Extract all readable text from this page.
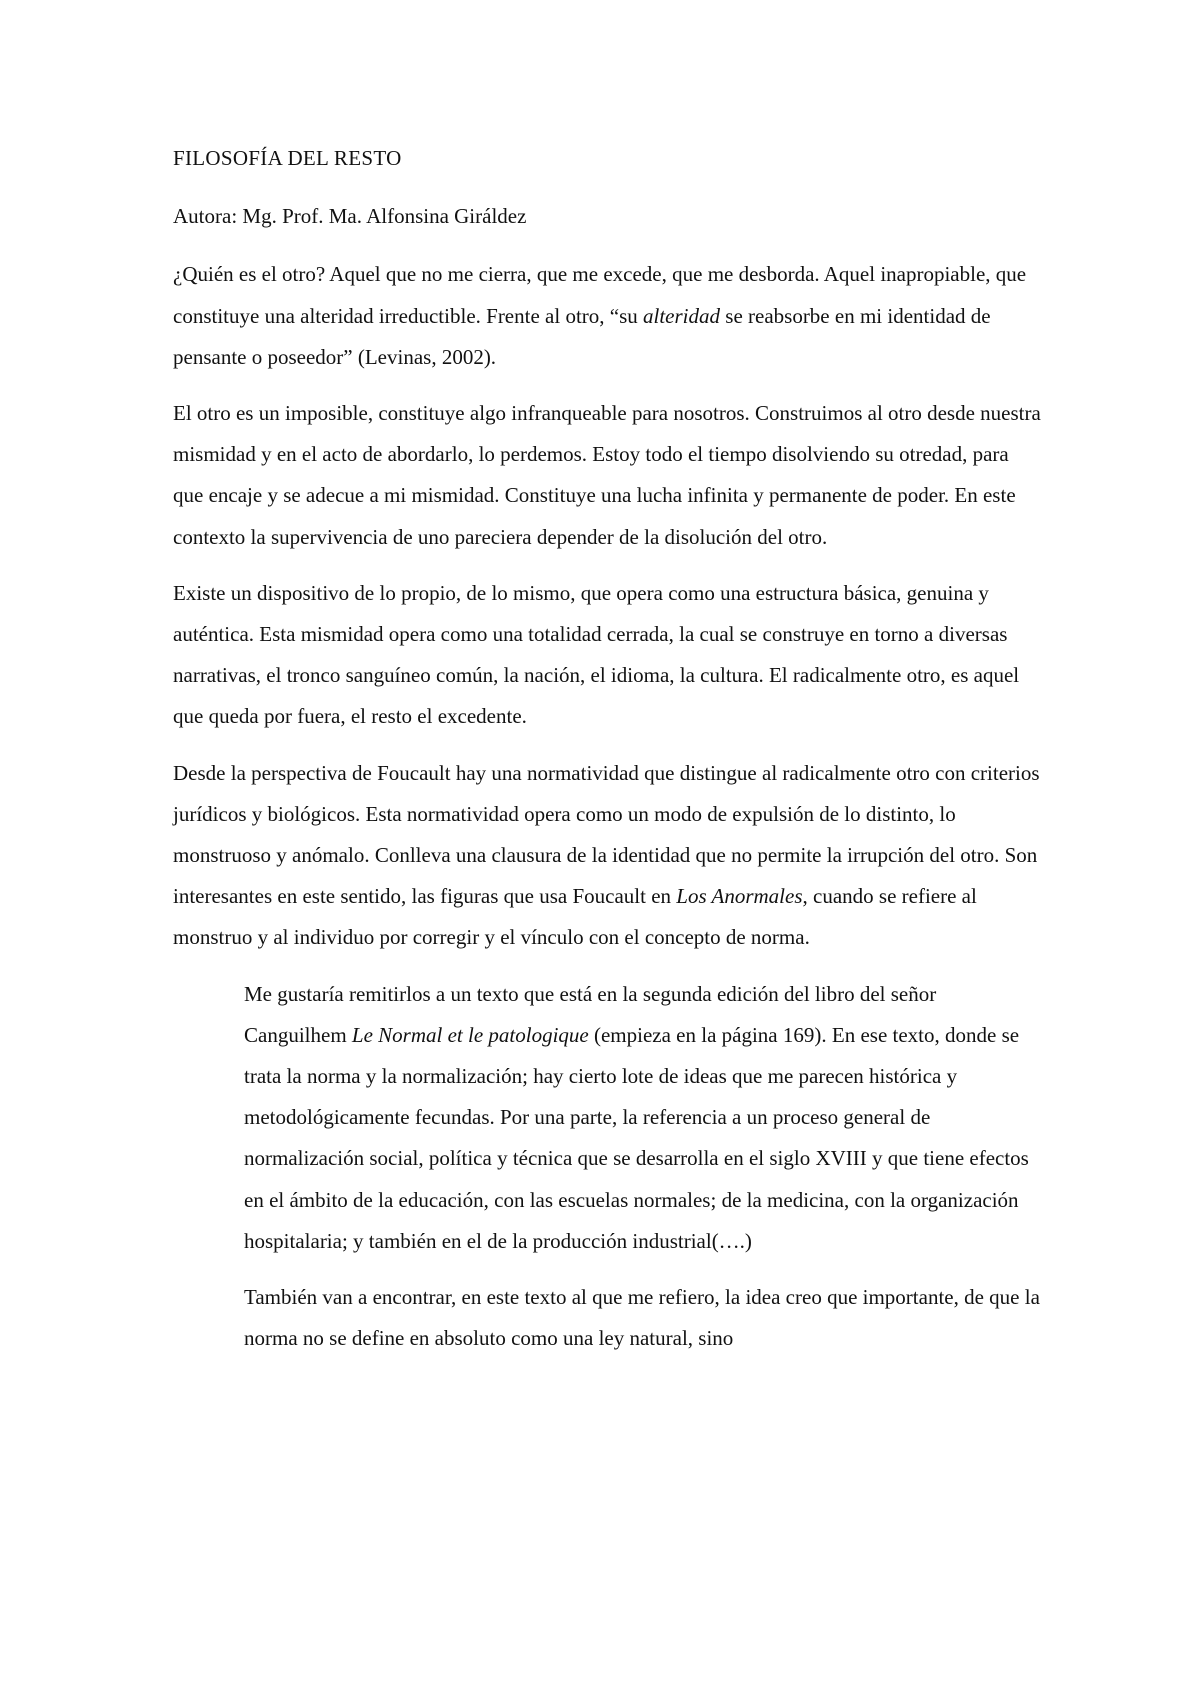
FILOSOFÍA DEL RESTO
Autora: Mg. Prof. Ma. Alfonsina Giráldez

¿Quién es el otro? Aquel que no me cierra, que me excede, que me desborda. Aquel inapropiable, que constituye una alteridad irreductible. Frente al otro, “su alteridad se reabsorbe en mi identidad de pensante o poseedor” (Levinas, 2002).

El otro es un imposible, constituye algo infranqueable para nosotros. Construimos al otro desde nuestra mismidad y en el acto de abordarlo, lo perdemos. Estoy todo el tiempo disolviendo su otredad, para que encaje y se adecue a mi mismidad. Constituye una lucha infinita y permanente de poder. En este contexto la supervivencia de uno pareciera depender de la disolución del otro.

Existe un dispositivo de lo propio, de lo mismo, que opera como una estructura básica, genuina y auténtica. Esta mismidad opera como una totalidad cerrada, la cual se construye en torno a diversas narrativas, el tronco sanguíneo común, la nación, el idioma, la cultura. El radicalmente otro, es aquel que queda por fuera, el resto el excedente.

Desde la perspectiva de Foucault hay una normatividad que distingue al radicalmente otro con criterios jurídicos y biológicos. Esta normatividad opera como un modo de expulsión de lo distinto, lo monstruoso y anómalo. Conlleva una clausura de la identidad que no permite la irrupción del otro. Son interesantes en este sentido, las figuras que usa Foucault en Los Anormales, cuando se refiere al monstruo y al individuo por corregir y el vínculo con el concepto de norma.

Me gustaría remitirlos a un texto que está en la segunda edición del libro del señor Canguilhem Le Normal et le patologique (empieza en la página 169). En ese texto, donde se trata la norma y la normalización; hay cierto lote de ideas que me parecen histórica y metodológicamente fecundas. Por una parte, la referencia a un proceso general de normalización social, política y técnica que se desarrolla en el siglo XVIII y que tiene efectos en el ámbito de la educación, con las escuelas normales; de la medicina, con la organización hospitalaria; y también en el de la producción industrial(….)

También van a encontrar, en este texto al que me refiero, la idea creo que importante, de que la norma no se define en absoluto como una ley natural, sino
